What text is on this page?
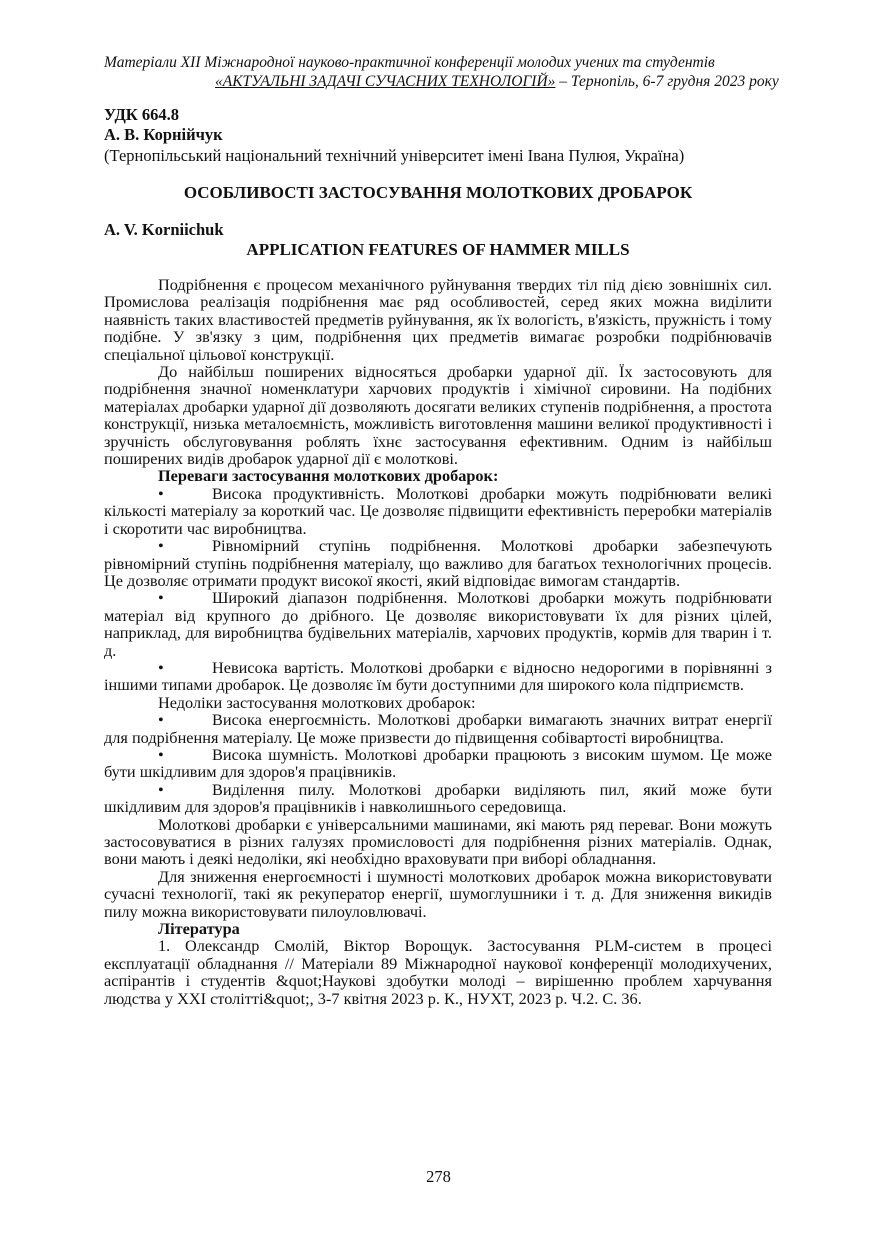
Матеріали XII Міжнародної науково-практичної конференції молодих учених та студентів
«АКТУАЛЬНІ ЗАДАЧІ СУЧАСНИХ ТЕХНОЛОГІЙ» – Тернопіль, 6-7 грудня 2023 року
УДК 664.8
А. В. Корнійчук
(Тернопільський національний технічний університет імені Івана Пулюя, Україна)
ОСОБЛИВОСТІ ЗАСТОСУВАННЯ МОЛОТКОВИХ ДРОБАРОК
A. V. Korniichuk
APPLICATION FEATURES OF HAMMER MILLS

Подрібнення є процесом механічного руйнування твердих тіл під дією зовнішніх сил. Промислова реалізація подрібнення має ряд особливостей, серед яких можна виділити наявність таких властивостей предметів руйнування, як їх вологість, в'язкість, пружність і тому подібне. У зв'язку з цим, подрібнення цих предметів вимагає розробки подрібнювачів спеціальної цільової конструкції.

До найбільш поширених відносяться дробарки ударної дії. Їх застосовують для подрібнення значної номенклатури харчових продуктів і хімічної сировини. На подібних матеріалах дробарки ударної дії дозволяють досягати великих ступенів подрібнення, а простота конструкції, низька металоємність, можливість виготовлення машини великої продуктивності і зручність обслуговування роблять їхнє застосування ефективним. Одним із найбільш поширених видів дробарок ударної дії є молоткові.

Переваги застосування молоткових дробарок:

•	Висока продуктивність. Молоткові дробарки можуть подрібнювати великі кількості матеріалу за короткий час. Це дозволяє підвищити ефективність переробки матеріалів і скоротити час виробництва.

•	Рівномірний ступінь подрібнення. Молоткові дробарки забезпечують рівномірний ступінь подрібнення матеріалу, що важливо для багатьох технологічних процесів. Це дозволяє отримати продукт високої якості, який відповідає вимогам стандартів.

•	Широкий діапазон подрібнення. Молоткові дробарки можуть подрібнювати матеріал від крупного до дрібного. Це дозволяє використовувати їх для різних цілей, наприклад, для виробництва будівельних матеріалів, харчових продуктів, кормів для тварин і т. д.

•	Невисока вартість. Молоткові дробарки є відносно недорогими в порівнянні з іншими типами дробарок. Це дозволяє їм бути доступними для широкого кола підприємств.

Недоліки застосування молоткових дробарок:

•	Висока енергоємність. Молоткові дробарки вимагають значних витрат енергії для подрібнення матеріалу. Це може призвести до підвищення собівартості виробництва.

•	Висока шумність. Молоткові дробарки працюють з високим шумом. Це може бути шкідливим для здоров'я працівників.

•	Виділення пилу. Молоткові дробарки виділяють пил, який може бути шкідливим для здоров'я працівників і навколишнього середовища.

Молоткові дробарки є універсальними машинами, які мають ряд переваг. Вони можуть застосовуватися в різних галузях промисловості для подрібнення різних матеріалів. Однак, вони мають і деякі недоліки, які необхідно враховувати при виборі обладнання.

Для зниження енергоємності і шумності молоткових дробарок можна використовувати сучасні технології, такі як рекуператор енергії, шумоглушники і т. д. Для зниження викидів пилу можна використовувати пилоуловлювачі.

Література

1. Олександр Смолій, Віктор Ворощук. Застосування PLM-систем в процесі експлуатації обладнання // Матеріали 89 Міжнародної наукової конференції молодихучених, аспірантів і студентів &quot;Наукові здобутки молоді – вирішенню проблем харчування людства у XXI столітті&quot;, 3-7 квітня 2023 р. К., НУХТ, 2023 р. Ч.2. С. 36.

278
